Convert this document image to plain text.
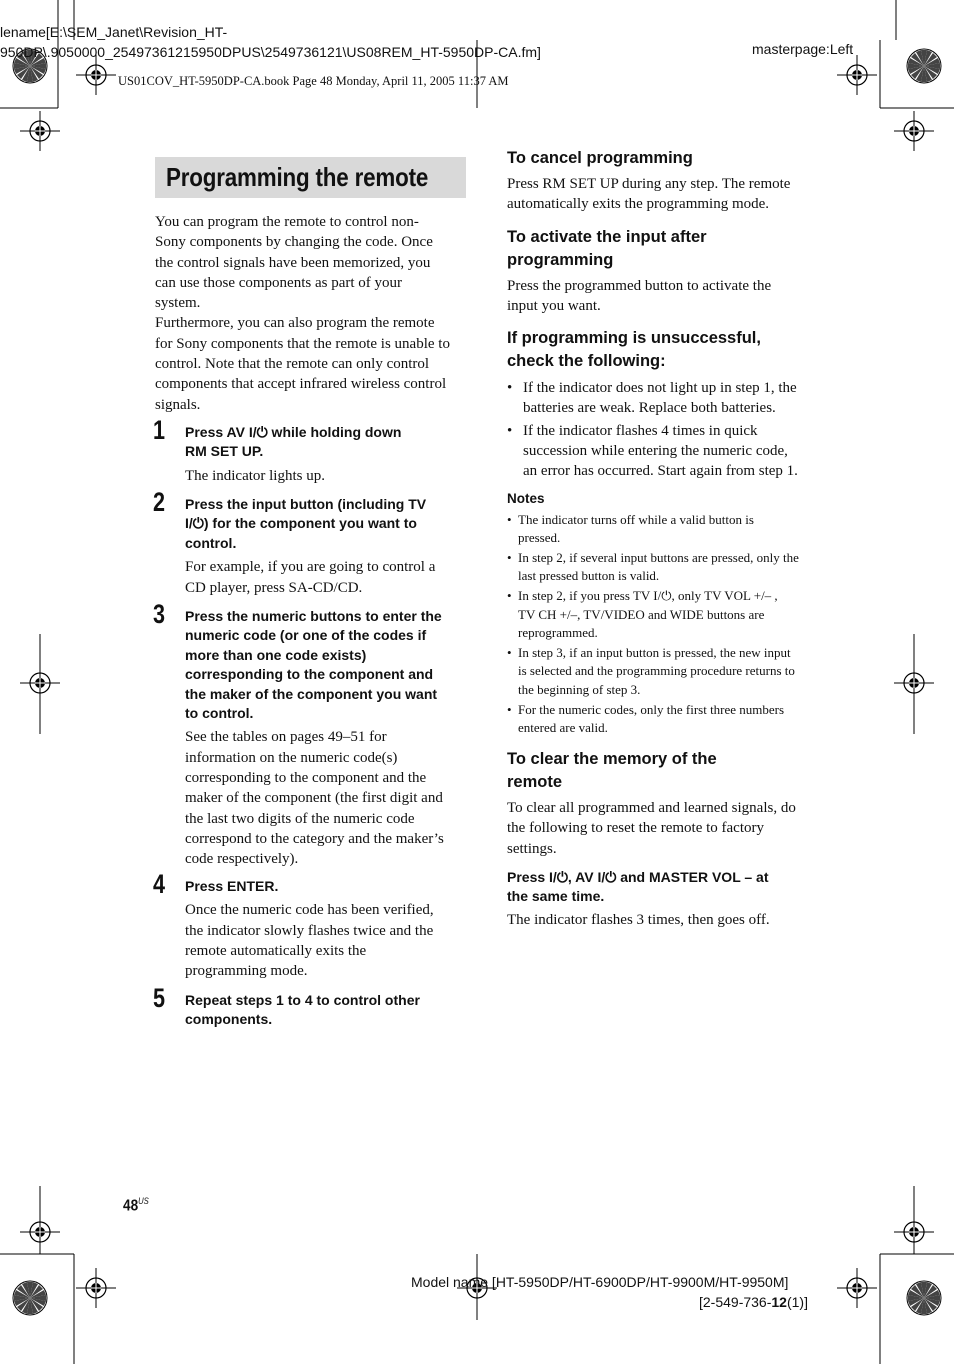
lename[E:\SEM_Janet\Revision_HT-
950DP\.9050000_25497361215950DPUS\2549736121\US08REM_HT-5950DP-CA.fm]	masterpage:Left
US01COV_HT-5950DP-CA.book Page 48 Monday, April 11, 2005 11:37 AM
Programming the remote
You can program the remote to control non-
Sony components by changing the code. Once
the control signals have been memorized, you
can use those components as part of your
system.
Furthermore, you can also program the remote
for Sony components that the remote is unable to
control. Note that the remote can only control
components that accept infrared wireless control
signals.
1 Press AV I/⏻ while holding down
RM SET UP.
The indicator lights up.
2 Press the input button (including TV
I/⏻) for the component you want to
control.
For example, if you are going to control a
CD player, press SA-CD/CD.
3 Press the numeric buttons to enter the
numeric code (or one of the codes if
more than one code exists)
corresponding to the component and
the maker of the component you want
to control.
See the tables on pages 49–51 for
information on the numeric code(s)
corresponding to the component and the
maker of the component (the first digit and
the last two digits of the numeric code
correspond to the category and the maker’s
code respectively).
4 Press ENTER.
Once the numeric code has been verified,
the indicator slowly flashes twice and the
remote automatically exits the
programming mode.
5 Repeat steps 1 to 4 to control other
components.
To cancel programming
Press RM SET UP during any step. The remote
automatically exits the programming mode.
To activate the input after
programming
Press the programmed button to activate the
input you want.
If programming is unsuccessful,
check the following:
• If the indicator does not light up in step 1, the
batteries are weak. Replace both batteries.
• If the indicator flashes 4 times in quick
succession while entering the numeric code,
an error has occurred. Start again from step 1.
Notes
• The indicator turns off while a valid button is
pressed.
• In step 2, if several input buttons are pressed, only the
last pressed button is valid.
• In step 2, if you press TV I/⏻, only TV VOL +/– ,
TV CH +/–, TV/VIDEO and WIDE buttons are
reprogrammed.
• In step 3, if an input button is pressed, the new input
is selected and the programming procedure returns to
the beginning of step 3.
• For the numeric codes, only the first three numbers
entered are valid.
To clear the memory of the
remote
To clear all programmed and learned signals, do
the following to reset the remote to factory
settings.
Press I/⏻, AV I/⏻ and MASTER VOL – at
the same time.
The indicator flashes 3 times, then goes off.
$48^{US}$
Model name [HT-5950DP/HT-6900DP/HT-9900M/HT-9950M]
[2-549-736-12(1)]
